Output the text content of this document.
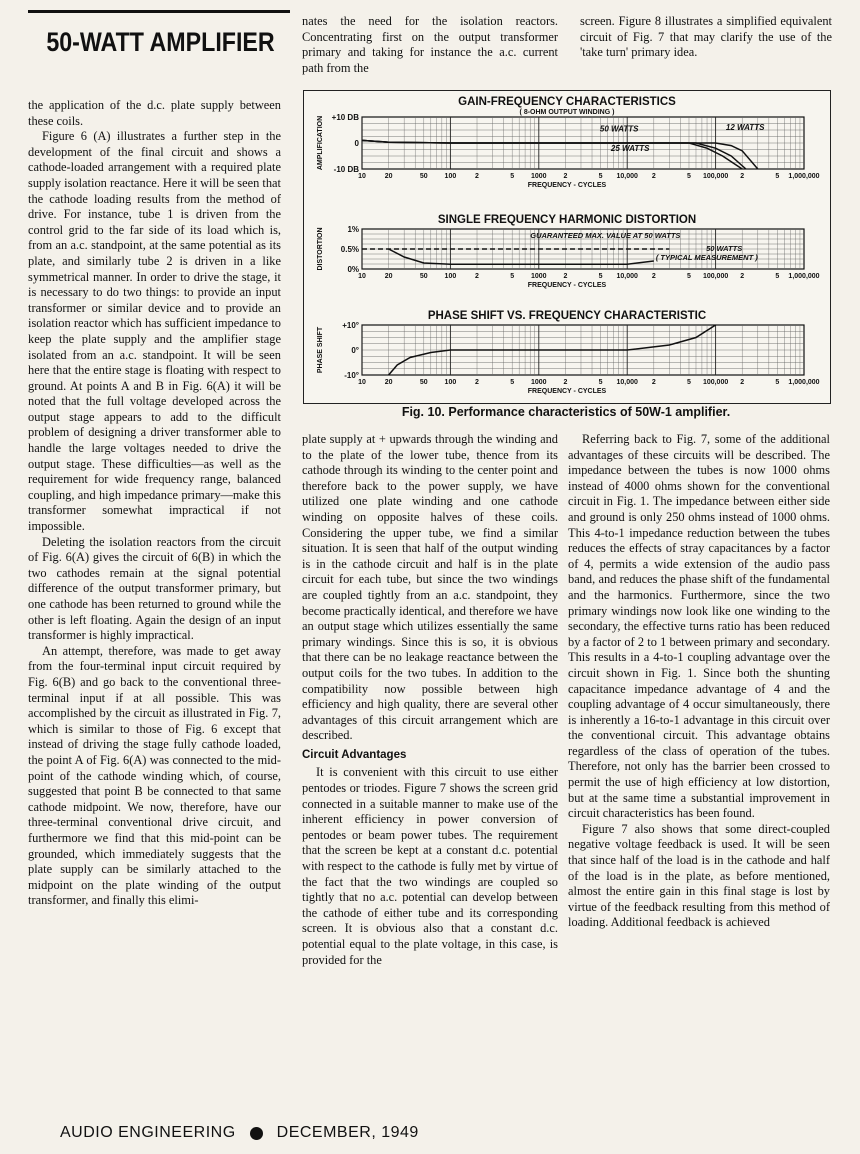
50-WATT AMPLIFIER

the application of the d.c. plate supply between these coils.

Figure 6 (A) illustrates a further step in the development of the final circuit and shows a cathode-loaded arrangement with a required plate supply isolation reactance. Here it will be seen that the cathode loading results from the method of drive. For instance, tube 1 is driven from the control grid to the far side of its load which is, from an a.c. standpoint, at the same potential as its plate, and similarly tube 2 is driven in a like symmetrical manner. In order to drive the stage, it is necessary to do two things: to provide an input transformer or similar device and to provide an isolation reactor which has sufficient impedance to keep the plate supply and the amplifier stage isolated from an a.c. standpoint. It will be seen here that the entire stage is floating with respect to ground. At points A and B in Fig. 6(A) it will be noted that the full voltage developed across the output stage appears to add to the difficult problem of designing a driver transformer able to handle the large voltages needed to drive the output stage. These difficulties—as well as the requirement for wide frequency range, balanced coupling, and high impedance primary—make this transformer somewhat impractical if not impossible.

Deleting the isolation reactors from the circuit of Fig. 6(A) gives the circuit of 6(B) in which the two cathodes remain at the signal potential difference of the output transformer primary, but one cathode has been returned to ground while the other is left floating. Again the design of an input transformer is highly impractical.

An attempt, therefore, was made to get away from the four-terminal input circuit required by Fig. 6(B) and go back to the conventional three-terminal input if at all possible. This was accomplished by the circuit as illustrated in Fig. 7, which is similar to those of Fig. 6 except that instead of driving the stage fully cathode loaded, the point A of Fig. 6(A) was connected to the mid-point of the cathode winding which, of course, suggested that point B be connected to that same cathode midpoint. We now, therefore, have our three-terminal conventional drive circuit, and furthermore we find that this mid-point can be grounded, which immediately suggests that the plate supply can be similarly attached to the midpoint on the plate winding of the output transformer, and finally this elimi-

nates the need for the isolation reactors. Concentrating first on the output transformer primary and taking for instance the a.c. current path from the

screen. Figure 8 illustrates a simplified equivalent circuit of Fig. 7 that may clarify the use of the 'take turn' primary idea.

GAIN-FREQUENCY CHARACTERISTICS
( 8-OHM OUTPUT WINDING )
AMPLIFICATION +10 DB
0
-10 DB
10	20	50 100	2	5 1000 2	5 10,000 2	5 100,000 2	5 1,000,000
FREQUENCY - CYCLES
SINGLE FREQUENCY HARMONIC DISTORTION
DISTORTION	1%
0.5%
0%
10	20	50 100	2	5 1000 2	5 10,000 2	5 100,000 2	5 1,000,000
FREQUENCY - CYCLES
PHASE SHIFT VS. FREQUENCY CHARACTERISTIC
PHASE SHIFT
+10°
0°
-10°
10	20	50 100	2	5 1000 2	5 10,000 2	5 100,000 2	5 1,000,000
FREQUENCY - CYCLES
12 WATTS
50 WATTS
25 WATTS
GUARANTEED MAX. VALUE AT 50 WATTS
50 WATTS
( TYPICAL MEASUREMENT )
Fig. 10. Performance characteristics of 50W-1 amplifier.

plate supply at + upwards through the winding and to the plate of the lower tube, thence from its cathode through its winding to the center point and therefore back to the power supply, we have utilized one plate winding and one cathode winding on opposite halves of these coils. Considering the upper tube, we find a similar situation. It is seen that half of the output winding is in the cathode circuit and half is in the plate circuit for each tube, but since the two windings are coupled tightly from an a.c. standpoint, they become practically identical, and therefore we have an output stage which utilizes essentially the same primary windings. Since this is so, it is obvious that there can be no leakage reactance between the output coils for the two tubes. In addition to the compatibility now possible between high efficiency and high quality, there are several other advantages of this circuit arrangement which are described.

Circuit Advantages

It is convenient with this circuit to use either pentodes or triodes. Figure 7 shows the screen grid connected in a suitable manner to make use of the inherent efficiency in power conversion of pentodes or beam power tubes. The requirement that the screen be kept at a constant d.c. potential with respect to the cathode is fully met by virtue of the fact that the two windings are coupled so tightly that no a.c. potential can develop between the cathode of either tube and its corresponding screen. It is obvious also that a constant d.c. potential equal to the plate voltage, in this case, is provided for the

Referring back to Fig. 7, some of the additional advantages of these circuits will be described. The impedance between the tubes is now 1000 ohms instead of 4000 ohms shown for the conventional circuit in Fig. 1. The impedance between either side and ground is only 250 ohms instead of 1000 ohms. This 4-to-1 impedance reduction between the tubes reduces the effects of stray capacitances by a factor of 4, permits a wide extension of the audio pass band, and reduces the phase shift of the fundamental and the harmonics. Furthermore, since the two primary windings now look like one winding to the secondary, the effective turns ratio has been reduced by a factor of 2 to 1 between primary and secondary. This results in a 4-to-1 coupling advantage over the circuit shown in Fig. 1. Since both the shunting capacitance impedance advantage of 4 and the coupling advantage of 4 occur simultaneously, there is inherently a 16-to-1 advantage in this circuit over the conventional circuit. This advantage obtains regardless of the class of operation of the tubes. Therefore, not only has the barrier been crossed to permit the use of high efficiency at low distortion, but at the same time a substantial improvement in circuit characteristics has been found.

Figure 7 also shows that some direct-coupled negative voltage feedback is used. It will be seen that since half of the load is in the cathode and half of the load is in the plate, as before mentioned, almost the entire gain in this final stage is lost by virtue of the feedback resulting from this method of loading. Additional feedback is achieved

AUDIO ENGINEERING	DECEMBER, 1949
